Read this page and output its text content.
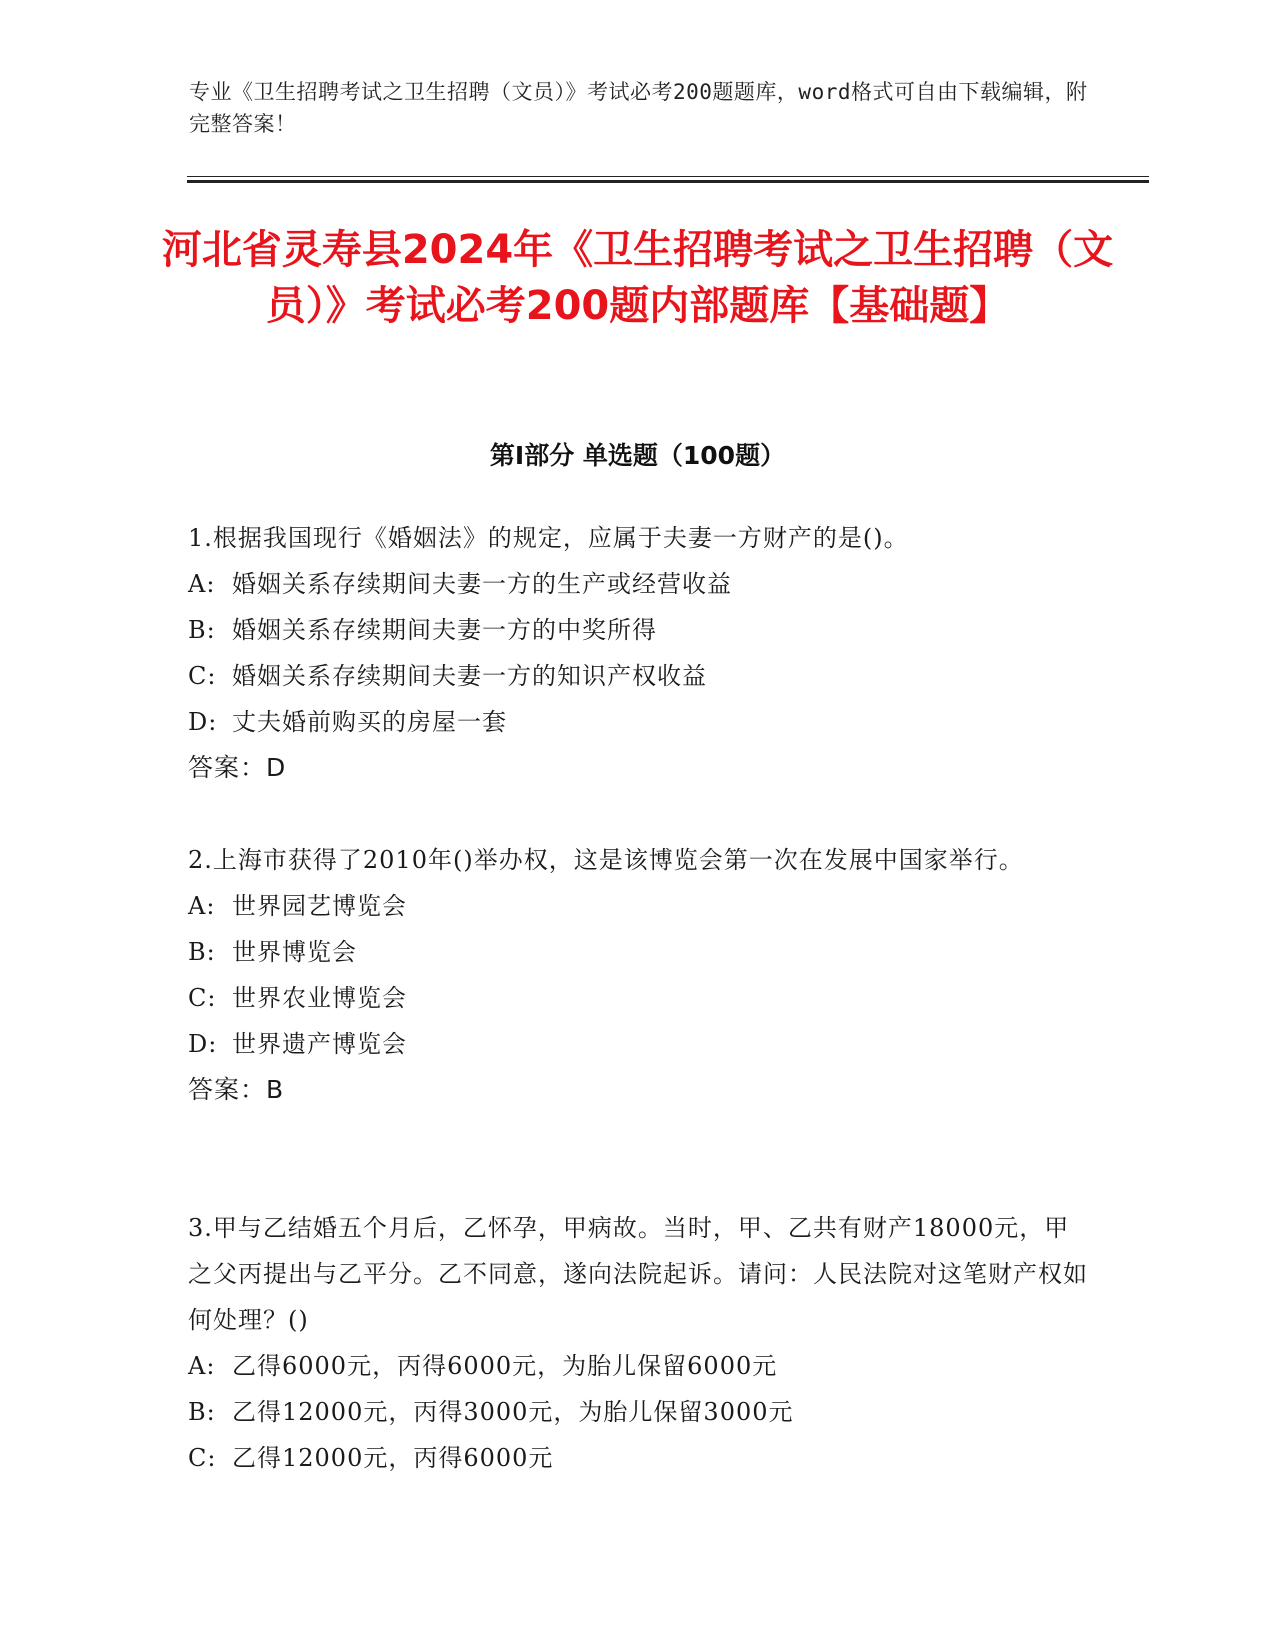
专业《卫生招聘考试之卫生招聘（文员）》考试必考200题题库，word格式可自由下载编辑，附完整答案！
河北省灵寿县2024年《卫生招聘考试之卫生招聘（文员）》考试必考200题内部题库【基础题】
第Ⅰ部分 单选题（100题）
1.根据我国现行《婚姻法》的规定，应属于夫妻一方财产的是()。
A: 婚姻关系存续期间夫妻一方的生产或经营收益
B: 婚姻关系存续期间夫妻一方的中奖所得
C: 婚姻关系存续期间夫妻一方的知识产权收益
D: 丈夫婚前购买的房屋一套
答案：D
2.上海市获得了2010年()举办权，这是该博览会第一次在发展中国家举行。
A: 世界园艺博览会
B: 世界博览会
C: 世界农业博览会
D: 世界遗产博览会
答案：B
3.甲与乙结婚五个月后，乙怀孕，甲病故。当时，甲、乙共有财产18000元，甲之父丙提出与乙平分。乙不同意，遂向法院起诉。请问：人民法院对这笔财产权如何处理？()
A: 乙得6000元，丙得6000元，为胎儿保留6000元
B: 乙得12000元，丙得3000元，为胎儿保留3000元
C: 乙得12000元，丙得6000元
